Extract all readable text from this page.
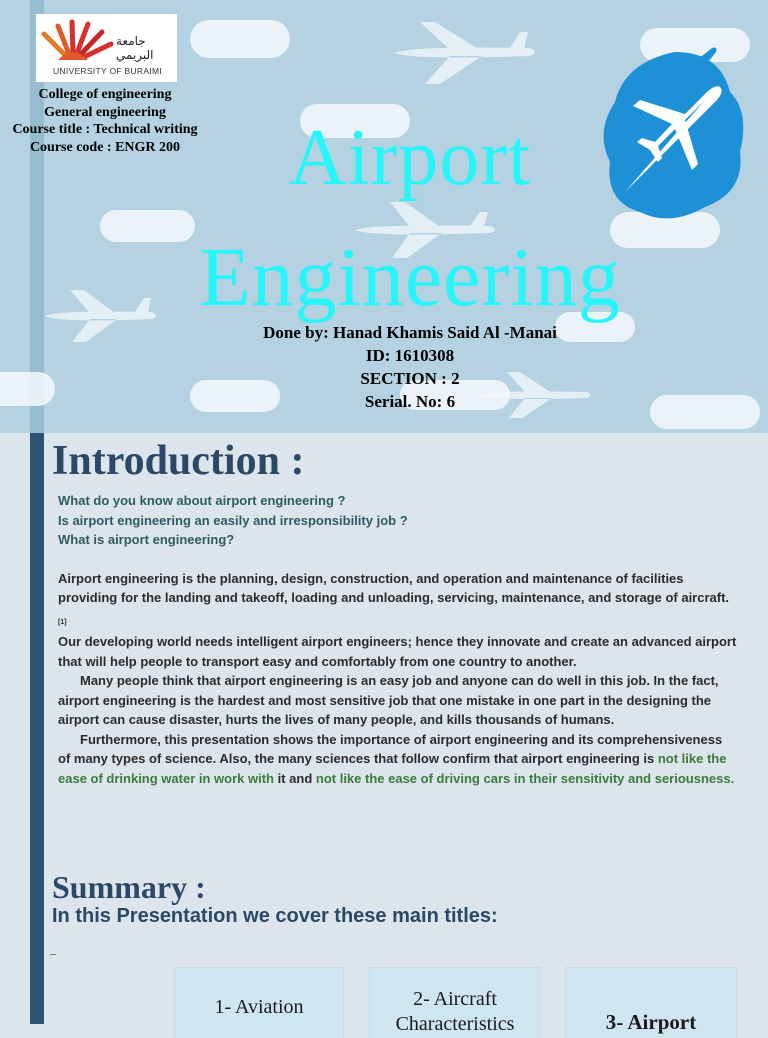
جامعة البريمي
UNIVERSITY OF BURAIMI
College of engineering
General engineering
Course title : Technical writing
Course code : ENGR 200	Airport
Engineering
Done by: Hanad Khamis Said Al -Manai
ID: 1610308
SECTION : 2
Serial. No: 6
Introduction :

What do you know about airport engineering ?

Is airport engineering an easily and irresponsibility job ?

What is airport engineering?

Airport engineering is the planning, design, construction, and operation and maintenance of facilities providing for the landing and takeoff, loading and unloading, servicing, maintenance, and storage of aircraft. $_{[1]}$

Our developing world needs intelligent airport engineers; hence they innovate and create an advanced airport that will help people to transport easy and comfortably from one country to another.

Many people think that airport engineering is an easy job and anyone can do well in this job. In the fact, airport engineering is the hardest and most sensitive job that one mistake in one part in the designing the airport can cause disaster, hurts the lives of many people, and kills thousands of humans.

Furthermore, this presentation shows the importance of airport engineering and its comprehensiveness of many types of science. Also, the many sciences that follow confirm that airport engineering is not like the ease of drinking water in work with it and not like the ease of driving cars in their sensitivity and seriousness.

Summary :
In this Presentation we cover these main titles:
–
1- Aviation	2- Aircraft
Characteristics	3- Airport
